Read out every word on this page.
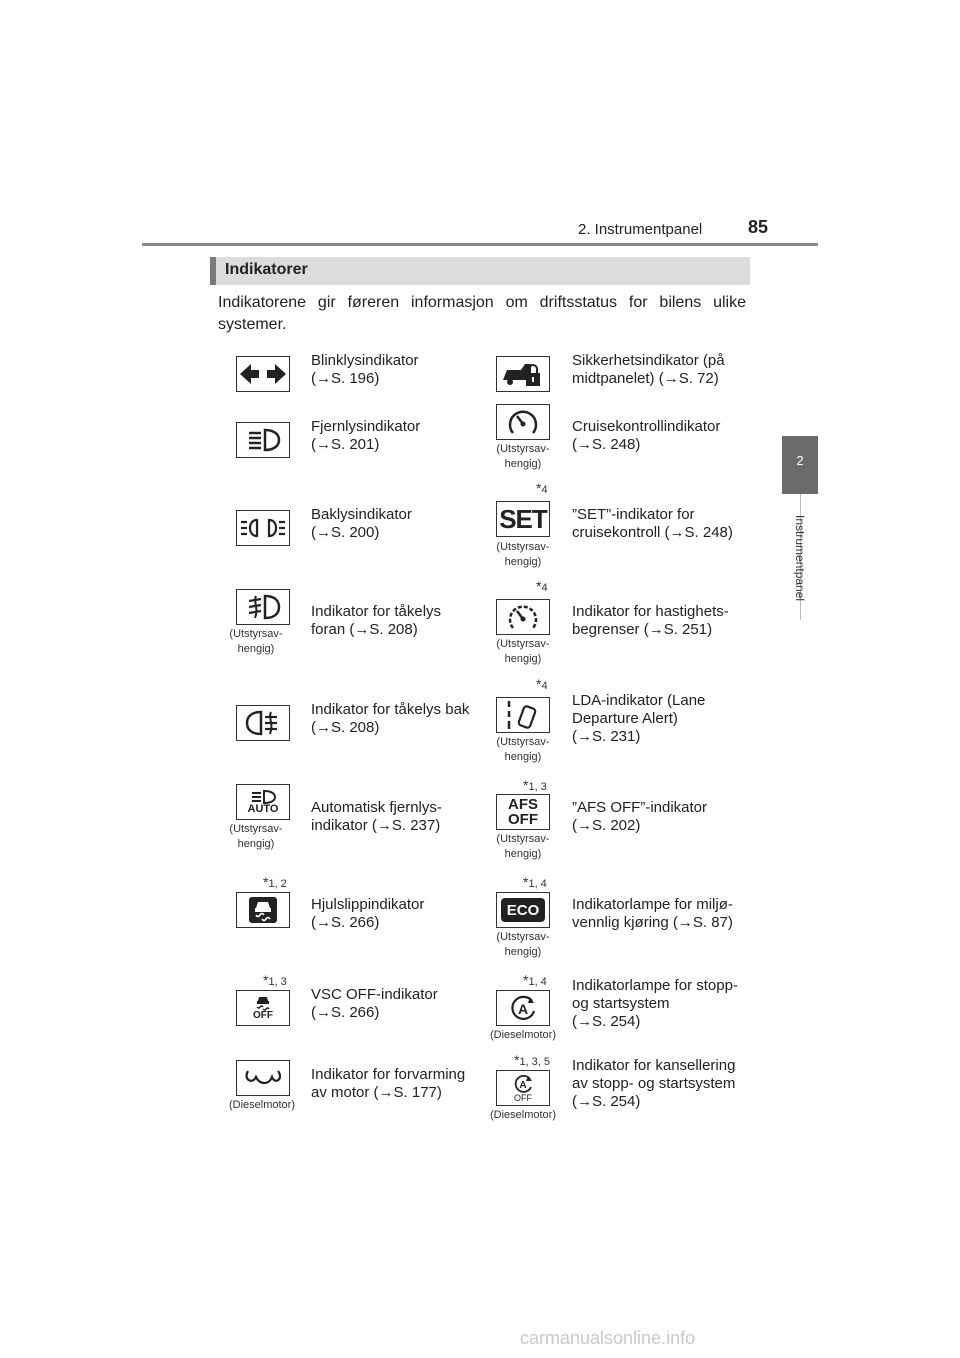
2. Instrumentpanel	85
2
Instrumentpanel
Indikatorer
Indikatorene gir føreren informasjon om driftsstatus for bilens ulike systemer.
Blinklysindikator
(→S. 196)
Sikkerhetsindikator (på
midtpanelet) (→S. 72)
Fjernlysindikator
(→S. 201)	(Utstyrsav-
hengig)
Cruisekontrollindikator
(→S. 248)
Baklysindikator
(→S. 200)
*4
SET
(Utstyrsav-
hengig)
”SET”-indikator for
cruisekontroll (→S. 248)
(Utstyrsav-
hengig)
Indikator for tåkelys
foran (→S. 208)
*4
(Utstyrsav-
hengig)
Indikator for hastighets-
begrenser (→S. 251)
Indikator for tåkelys bak
(→S. 208)
*4
(Utstyrsav-
hengig)
LDA-indikator (Lane
Departure Alert)
(→S. 231)
AUTO
(Utstyrsav-
hengig)
Automatisk fjernlys-
indikator (→S. 237)
*1, 3
AFS
OFF
(Utstyrsav-
hengig)
”AFS OFF”-indikator
(→S. 202)
*1, 2
Hjulslippindikator
(→S. 266)
*1, 4
ECO
(Utstyrsav-
hengig)
Indikatorlampe for miljø-
vennlig kjøring (→S. 87)
*1, 3
OFF
VSC OFF-indikator
(→S. 266)
*1, 4
A
(Dieselmotor)
Indikatorlampe for stopp-
og startsystem
(→S. 254)
(Dieselmotor)
Indikator for forvarming
av motor (→S. 177)
*1, 3, 5
A
OFF
(Dieselmotor)
Indikator for kansellering
av stopp- og startsystem
(→S. 254)
carmanualsonline.info
